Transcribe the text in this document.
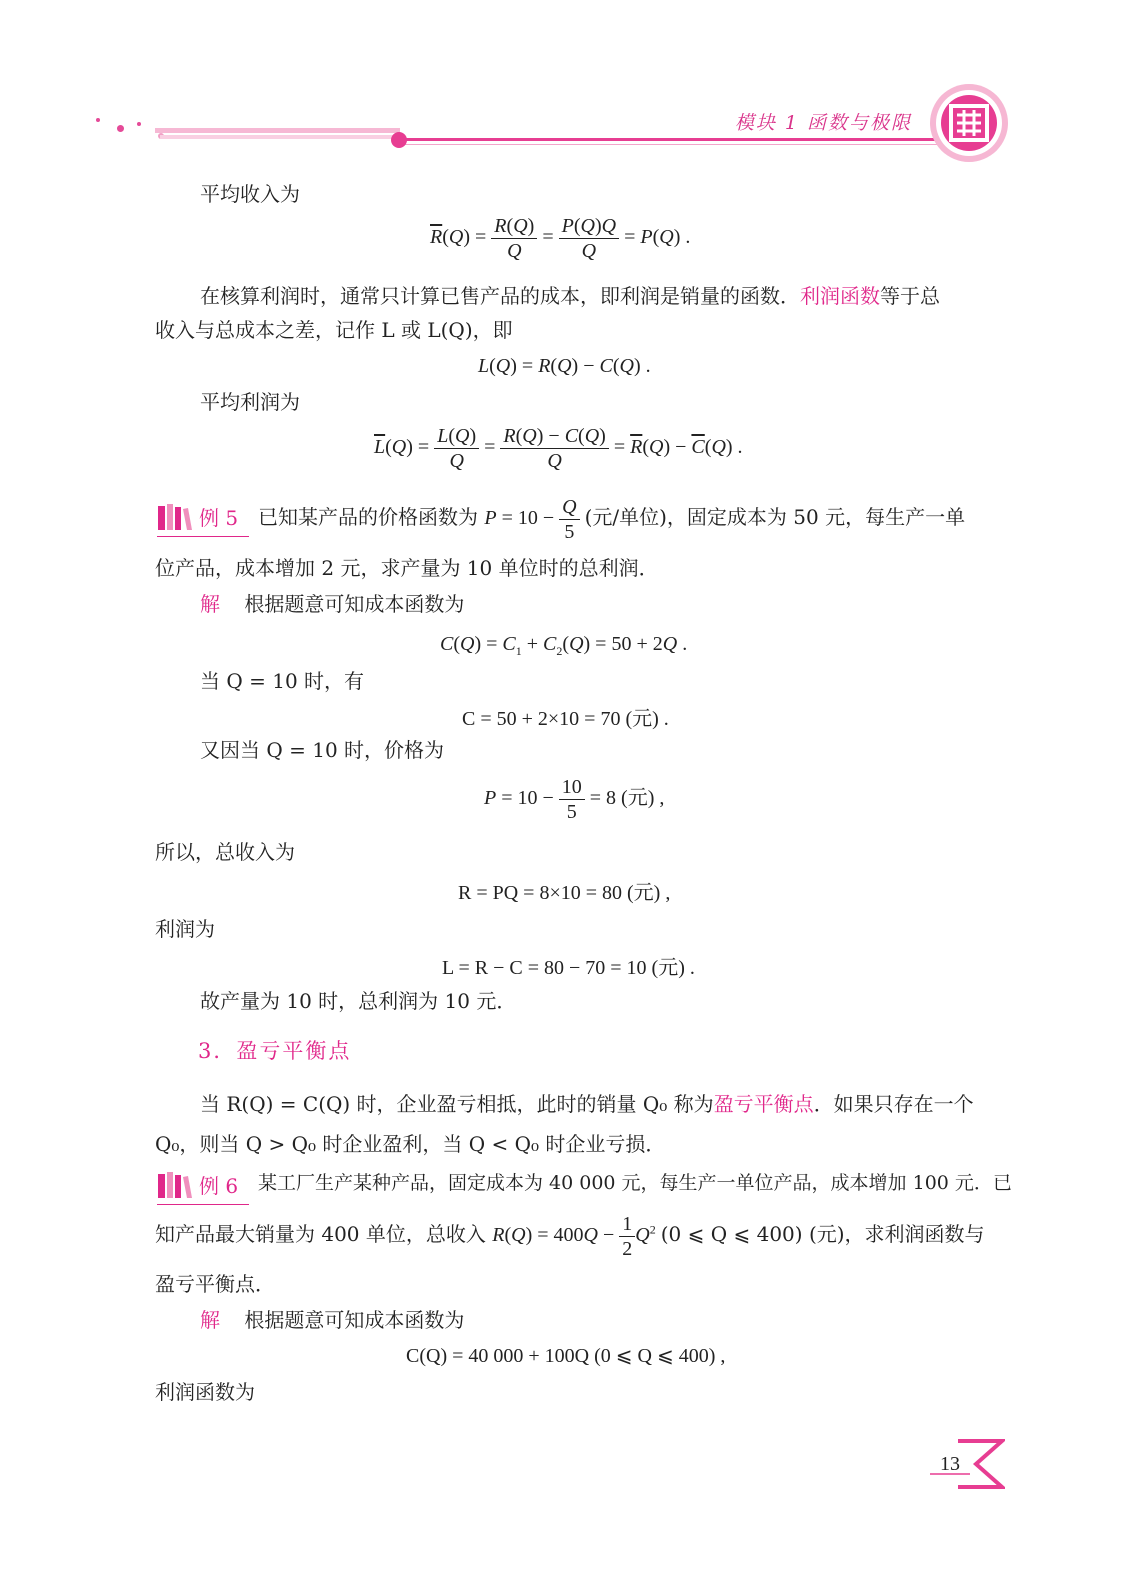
模块 1 函数与极限
平均收入为
$\overline{R}(Q) = \frac{R(Q)}{Q} = \frac{P(Q)Q}{Q} = P(Q)$ .
在核算利润时，通常只计算已售产品的成本，即利润是销量的函数．利润函数等于总
收入与总成本之差，记作 L 或 L(Q)，即
L(Q) = R(Q) − C(Q) .
平均利润为
$\overline{L}(Q) = \frac{L(Q)}{Q} = \frac{R(Q) - C(Q)}{Q} = \overline{R}(Q) - \overline{C}(Q)$ .
例 5 已知某产品的价格函数为 $P = 10 - \frac{Q}{5}$ (元/单位)，固定成本为 50 元，每生产一单
位产品，成本增加 2 元，求产量为 10 单位时的总利润．
解 根据题意可知成本函数为
$C(Q) = C_1 + C_2(Q) = 50 + 2Q$ .
当 Q = 10 时，有
C = 50 + 2×10 = 70 (元) .
又因当 Q = 10 时，价格为
$P = 10 - \frac{10}{5} = 8$ (元) ,
所以，总收入为
R = PQ = 8×10 = 80 (元) ,
利润为
L = R − C = 80 − 70 = 10 (元) .
故产量为 10 时，总利润为 10 元．
3．盈亏平衡点
当 R(Q) = C(Q) 时，企业盈亏相抵，此时的销量 Q₀ 称为盈亏平衡点．如果只存在一个
Q₀，则当 Q > Q₀ 时企业盈利，当 Q < Q₀ 时企业亏损．
例 6 某工厂生产某种产品，固定成本为 40 000 元，每生产一单位产品，成本增加 100 元．已
知产品最大销量为 400 单位，总收入 $R(Q) = 400Q - \frac{1}{2} Q^2$ (0 ⩽ Q ⩽ 400) (元)，求利润函数与
盈亏平衡点．
解 根据题意可知成本函数为
C(Q) = 40 000 + 100Q (0 ⩽ Q ⩽ 400) ,
利润函数为
13
